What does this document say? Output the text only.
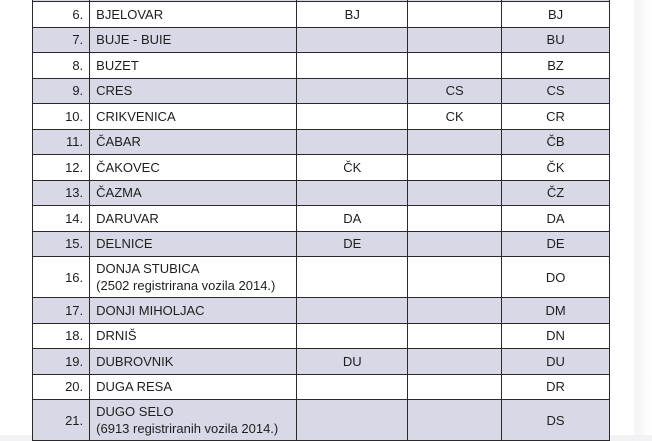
6.	BJELOVAR	BJ		BJ
7.	BUJE - BUIE			BU
8.	BUZET			BZ
9.	CRES		CS	CS
10.	CRIKVENICA		CK	CR
11.	ČABAR			ČB
12.	ČAKOVEC	ČK		ČK
13.	ČAZMA			ČZ
14.	DARUVAR	DA		DA
15.	DELNICE	DE		DE
16.	DONJA STUBICA
(2502 registrirana vozila 2014.)			DO
17.	DONJI MIHOLJAC			DM
18.	DRNIŠ			DN
19.	DUBROVNIK	DU		DU
20.	DUGA RESA			DR
21.	DUGO SELO
(6913 registriranih vozila 2014.)			DS
